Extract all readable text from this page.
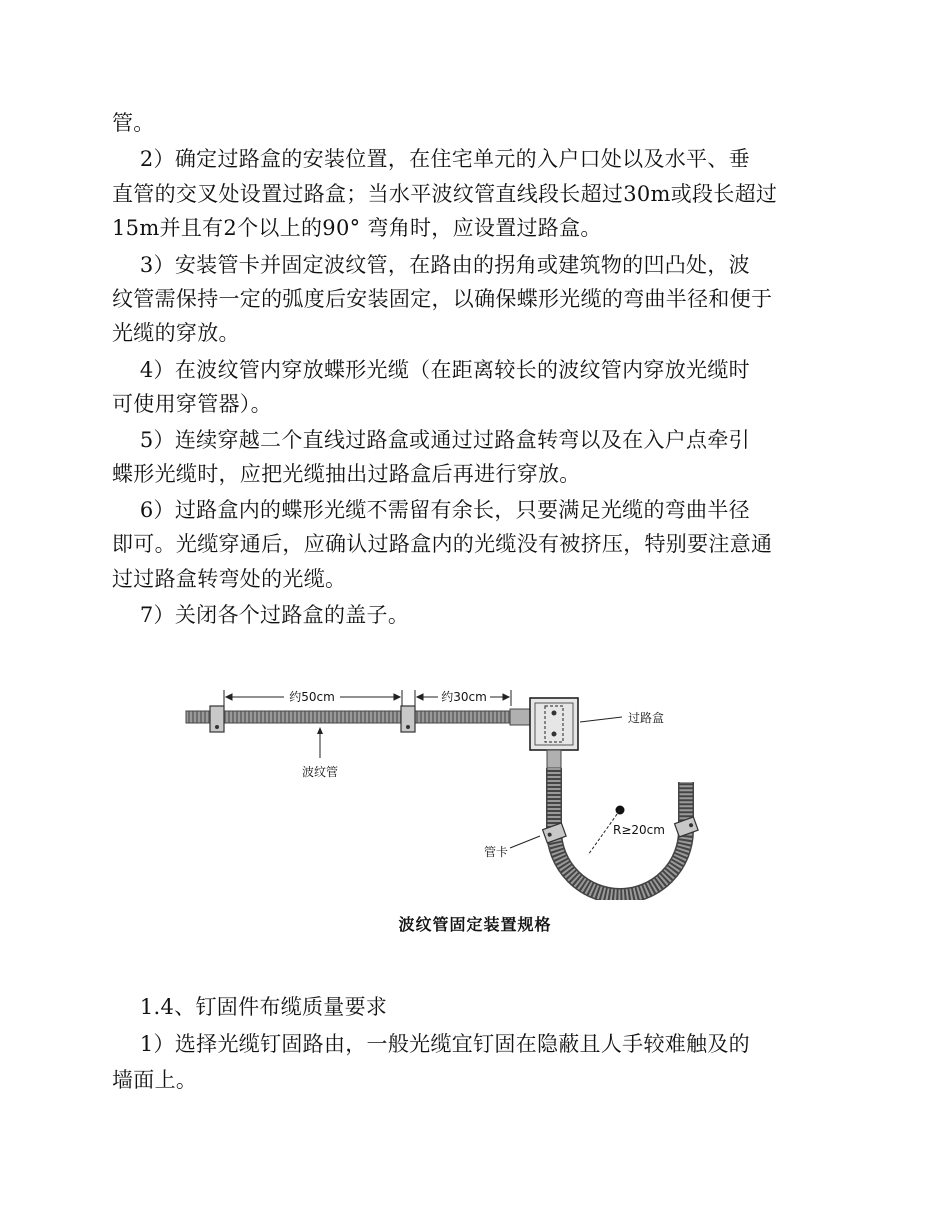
管。
2）确定过路盒的安装位置，在住宅单元的入户口处以及水平、垂
直管的交叉处设置过路盒；当水平波纹管直线段长超过30m或段长超过
15m并且有2个以上的90° 弯角时，应设置过路盒。
3）安装管卡并固定波纹管，在路由的拐角或建筑物的凹凸处，波
纹管需保持一定的弧度后安装固定，以确保蝶形光缆的弯曲半径和便于
光缆的穿放。
4）在波纹管内穿放蝶形光缆（在距离较长的波纹管内穿放光缆时
可使用穿管器）。
5）连续穿越二个直线过路盒或通过过路盒转弯以及在入户点牵引
蝶形光缆时，应把光缆抽出过路盒后再进行穿放。
6）过路盒内的蝶形光缆不需留有余长，只要满足光缆的弯曲半径
即可。光缆穿通后，应确认过路盒内的光缆没有被挤压，特别要注意通
过过路盒转弯处的光缆。
7）关闭各个过路盒的盖子。
约50cm	约30cm
过路盒
R≥20cm
波纹管
管卡
波纹管固定装置规格
1.4、钉固件布缆质量要求
1）选择光缆钉固路由，一般光缆宜钉固在隐蔽且人手较难触及的
墙面上。
